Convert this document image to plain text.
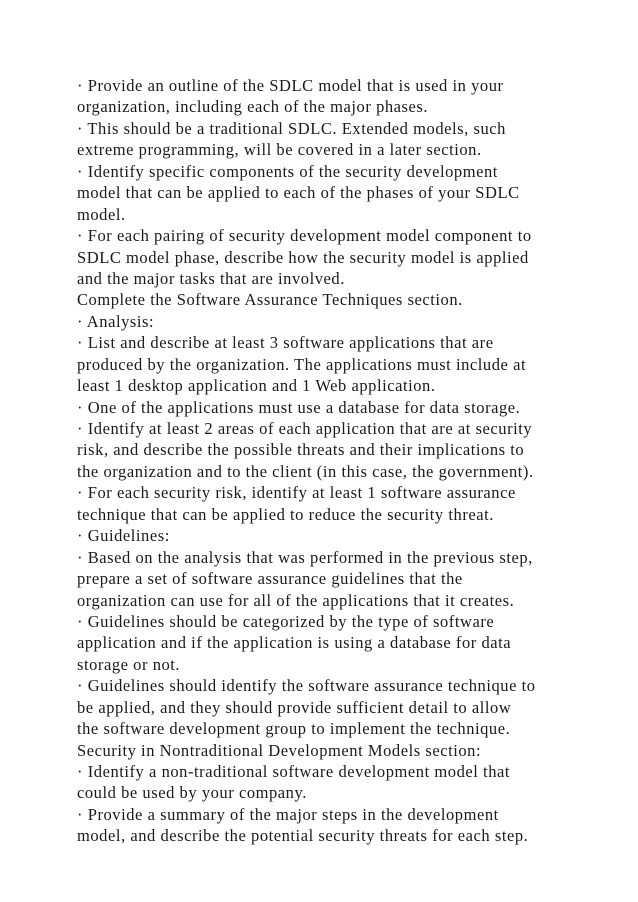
· Provide an outline of the SDLC model that is used in your
organization, including each of the major phases.
· This should be a traditional SDLC. Extended models, such
extreme programming, will be covered in a later section.
· Identify specific components of the security development
model that can be applied to each of the phases of your SDLC
model.
· For each pairing of security development model component to
SDLC model phase, describe how the security model is applied
and the major tasks that are involved.
Complete the Software Assurance Techniques section.
· Analysis:
· List and describe at least 3 software applications that are
produced by the organization. The applications must include at
least 1 desktop application and 1 Web application.
· One of the applications must use a database for data storage.
· Identify at least 2 areas of each application that are at security
risk, and describe the possible threats and their implications to
the organization and to the client (in this case, the government).
· For each security risk, identify at least 1 software assurance
technique that can be applied to reduce the security threat.
· Guidelines:
· Based on the analysis that was performed in the previous step,
prepare a set of software assurance guidelines that the
organization can use for all of the applications that it creates.
· Guidelines should be categorized by the type of software
application and if the application is using a database for data
storage or not.
· Guidelines should identify the software assurance technique to
be applied, and they should provide sufficient detail to allow
the software development group to implement the technique.
Security in Nontraditional Development Models section:
· Identify a non-traditional software development model that
could be used by your company.
· Provide a summary of the major steps in the development
model, and describe the potential security threats for each step.
